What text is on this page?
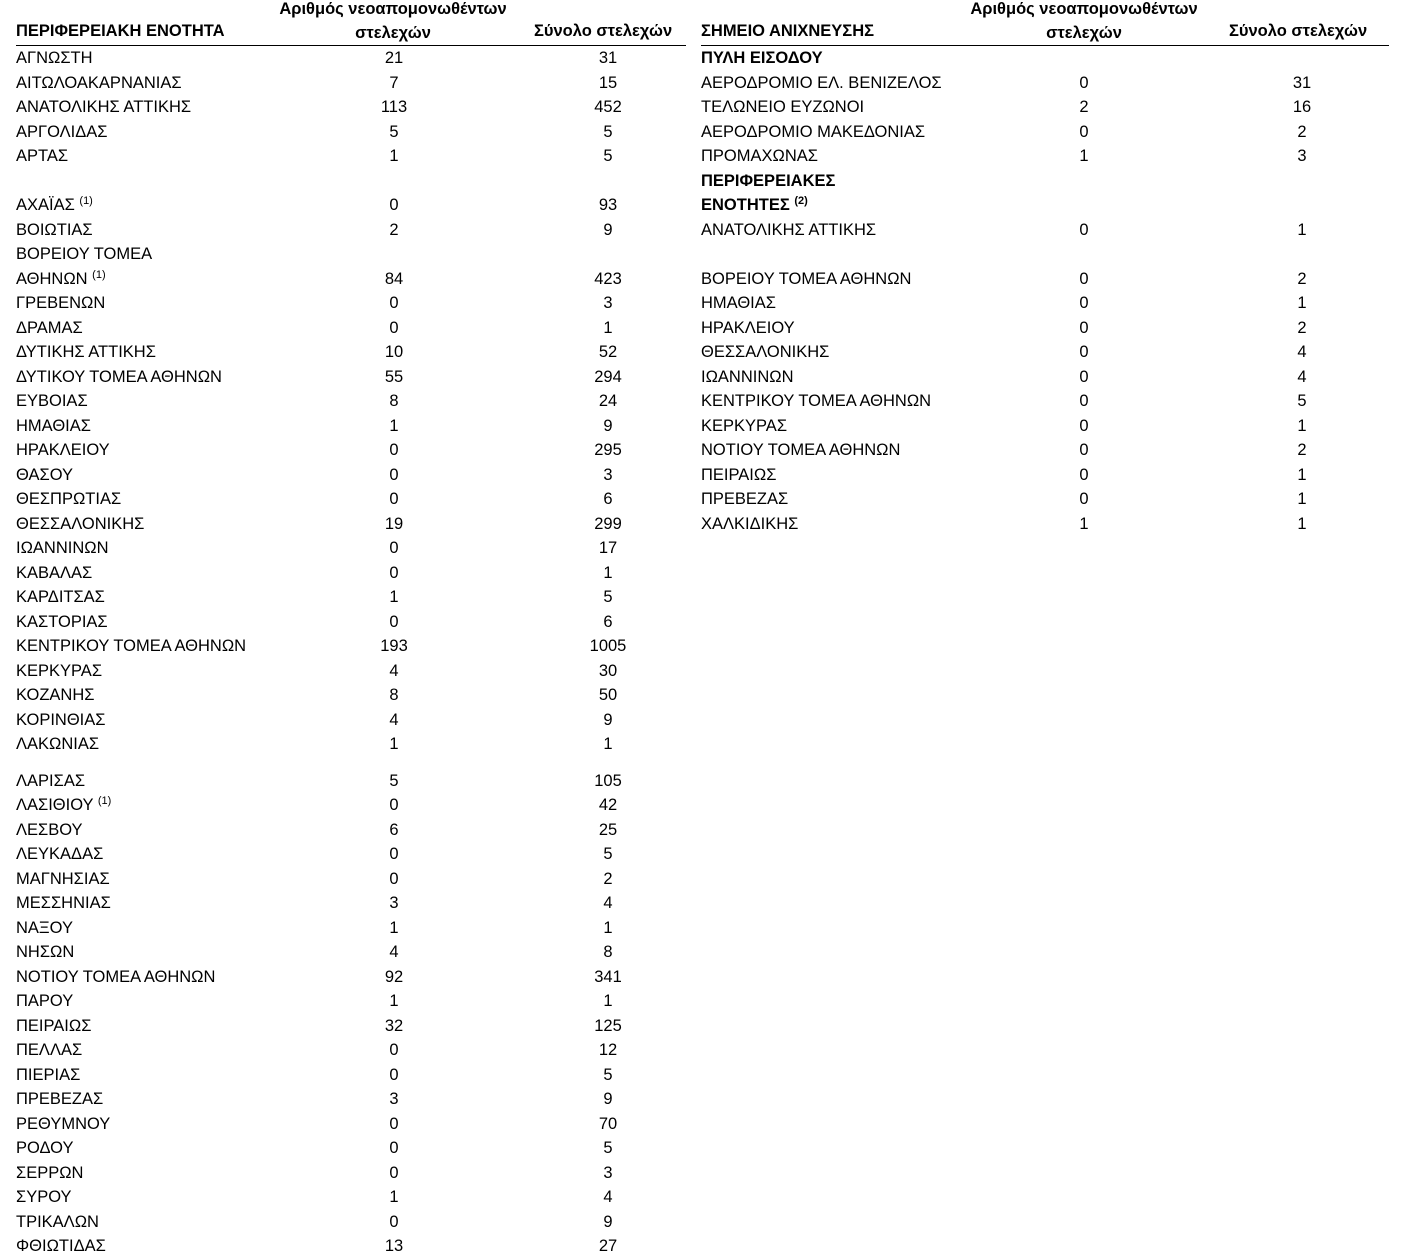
ΠΕΡΙΦΕΡΕΙΑΚΗ ΕΝΟΤΗΤΑ
Αριθμός νεοαπομονωθέντων
στελεχών	Σύνολο στελεχών
ΑΓΝΩΣΤΗ	21	31
ΑΙΤΩΛΟΑΚΑΡΝΑΝΙΑΣ	7	15
ΑΝΑΤΟΛΙΚΗΣ ΑΤΤΙΚΗΣ	113	452
ΑΡΓΟΛΙΔΑΣ	5	5
ΑΡΤΑΣ	1	5
ΑΧΑΪΑΣ $^{(1)}$	0	93
ΒΟΙΩΤΙΑΣ	2	9
ΒΟΡΕΙΟΥ ΤΟΜΕΑ
ΑΘΗΝΩΝ $^{(1)}$	84	423
ΓΡΕΒΕΝΩΝ	0	3
ΔΡΑΜΑΣ	0	1
ΔΥΤΙΚΗΣ ΑΤΤΙΚΗΣ	10	52
ΔΥΤΙΚΟΥ ΤΟΜΕΑ ΑΘΗΝΩΝ	55	294
ΕΥΒΟΙΑΣ	8	24
ΗΜΑΘΙΑΣ	1	9
ΗΡΑΚΛΕΙΟΥ	0	295
ΘΑΣΟΥ	0	3
ΘΕΣΠΡΩΤΙΑΣ	0	6
ΘΕΣΣΑΛΟΝΙΚΗΣ	19	299
ΙΩΑΝΝΙΝΩΝ	0	17
ΚΑΒΑΛΑΣ	0	1
ΚΑΡΔΙΤΣΑΣ	1	5
ΚΑΣΤΟΡΙΑΣ	0	6
ΚΕΝΤΡΙΚΟΥ ΤΟΜΕΑ ΑΘΗΝΩΝ	193	1005
ΚΕΡΚΥΡΑΣ	4	30
ΚΟΖΑΝΗΣ	8	50
ΚΟΡΙΝΘΙΑΣ	4	9
ΛΑΚΩΝΙΑΣ	1	1
ΛΑΡΙΣΑΣ	5	105
ΛΑΣΙΘΙΟΥ $^{(1)}$	0	42
ΛΕΣΒΟΥ	6	25
ΛΕΥΚΑΔΑΣ	0	5
ΜΑΓΝΗΣΙΑΣ	0	2
ΜΕΣΣΗΝΙΑΣ	3	4
ΝΑΞΟΥ	1	1
ΝΗΣΩΝ	4	8
ΝΟΤΙΟΥ ΤΟΜΕΑ ΑΘΗΝΩΝ	92	341
ΠΑΡΟΥ	1	1
ΠΕΙΡΑΙΩΣ	32	125
ΠΕΛΛΑΣ	0	12
ΠΙΕΡΙΑΣ	0	5
ΠΡΕΒΕΖΑΣ	3	9
ΡΕΘΥΜΝΟΥ	0	70
ΡΟΔΟΥ	0	5
ΣΕΡΡΩΝ	0	3
ΣΥΡΟΥ	1	4
ΤΡΙΚΑΛΩΝ	0	9
ΦΘΙΩΤΙΔΑΣ	13	27
ΣΗΜΕΙΟ ΑΝΙΧΝΕΥΣΗΣ
Αριθμός νεοαπομονωθέντων
στελεχών	Σύνολο στελεχών
ΠΥΛΗ ΕΙΣΟΔΟΥ
ΑΕΡΟΔΡΟΜΙΟ ΕΛ. ΒΕΝΙΖΕΛΟΣ	0	31
ΤΕΛΩΝΕΙΟ ΕΥΖΩΝΟΙ	2	16
ΑΕΡΟΔΡΟΜΙΟ ΜΑΚΕΔΟΝΙΑΣ	0	2
ΠΡΟΜΑΧΩΝΑΣ	1	3
ΠΕΡΙΦΕΡΕΙΑΚΕΣ
ΕΝΟΤΗΤΕΣ $^{(2)}$
ΑΝΑΤΟΛΙΚΗΣ ΑΤΤΙΚΗΣ	0	1
ΒΟΡΕΙΟΥ ΤΟΜΕΑ ΑΘΗΝΩΝ	0	2
ΗΜΑΘΙΑΣ	0	1
ΗΡΑΚΛΕΙΟΥ	0	2
ΘΕΣΣΑΛΟΝΙΚΗΣ	0	4
ΙΩΑΝΝΙΝΩΝ	0	4
ΚΕΝΤΡΙΚΟΥ ΤΟΜΕΑ ΑΘΗΝΩΝ	0	5
ΚΕΡΚΥΡΑΣ	0	1
ΝΟΤΙΟΥ ΤΟΜΕΑ ΑΘΗΝΩΝ	0	2
ΠΕΙΡΑΙΩΣ	0	1
ΠΡΕΒΕΖΑΣ	0	1
ΧΑΛΚΙΔΙΚΗΣ	1	1
